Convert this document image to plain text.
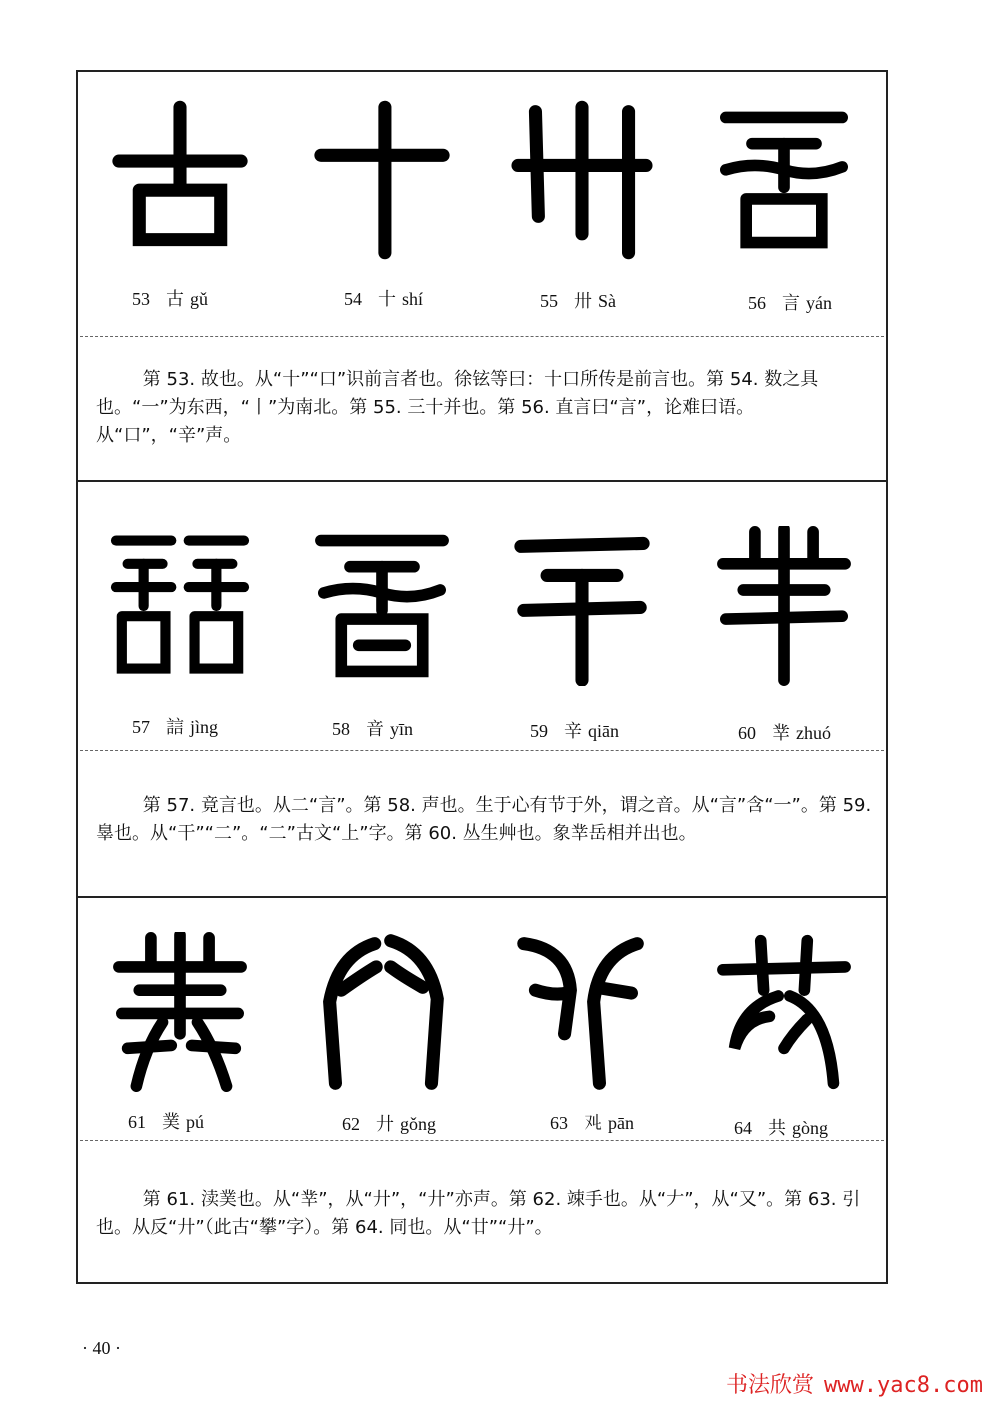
53 古 gǔ	54 十 shí	55 卅 Sà	56 言 yán
第 53. 故也。从“十”“口”识前言者也。徐铉等曰：十口所传是前言也。第 54. 数之具也。“一”为东西，“丨”为南北。第 55. 三十并也。第 56. 直言曰“言”，论难曰语。从“口”，“辛”声。
57 誩 jìng	58 音 yīn	59 辛 qiān	60 丵 zhuó
第 57. 竟言也。从二“言”。第 58. 声也。生于心有节于外，谓之音。从“言”含“一”。第 59. 辠也。从“干”“二”。“二”古文“上”字。第 60. 丛生艸也。象丵岳相并出也。
61 菐 pú	62 廾 gǒng	63 𠬜 pān	64 共 gòng
第 61. 渎菐也。从“丵”，从“廾”，“廾”亦声。第 62. 竦手也。从“𠂇”，从“又”。第 63. 引也。从反“廾”（此古“攀”字）。第 64. 同也。从“廿”“廾”。
· 40 ·
书法欣赏 www.yac8.com
